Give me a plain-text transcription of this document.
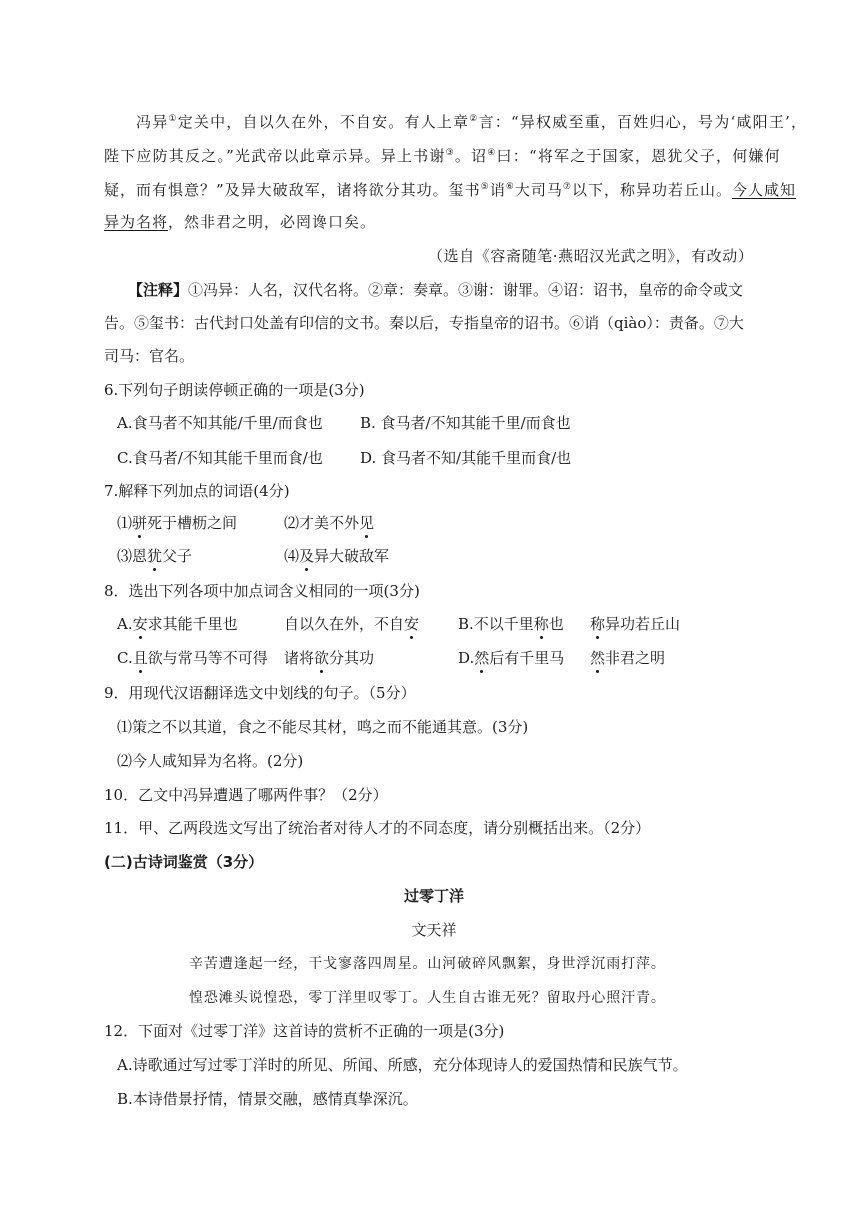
冯异①定关中，自以久在外，不自安。有人上章②言：“异权威至重，百姓归心，号为‘咸阳王’，
陛下应防其反之。”光武帝以此章示异。异上书谢③。诏④曰：“将军之于国家，恩犹父子，何嫌何
疑，而有惧意？”及异大破敌军，诸将欲分其功。玺书⑤诮⑥大司马⑦以下，称异功若丘山。今人咸知
异为名将，然非君之明，必罔谗口矣。
（选自《容斋随笔·燕昭汉光武之明》，有改动）
【注释】①冯异：人名，汉代名将。②章：奏章。③谢：谢罪。④诏：诏书，皇帝的命令或文
告。⑤玺书：古代封口处盖有印信的文书。秦以后，专指皇帝的诏书。⑥诮（qiào）：责备。⑦大
司马：官名。
6.下列句子朗读停顿正确的一项是(3分)
A.食马者不知其能/千里/而食也 B. 食马者/不知其能千里/而食也
C.食马者/不知其能千里而食/也 D. 食马者不知/其能千里而食/也
7.解释下列加点的词语(4分)
⑴骈死于槽枥之间	⑵才美不外见
⑶恩犹父子	⑷及异大破敌军
8．选出下列各项中加点词含义相同的一项(3分)
A.安求其能千里也	自以久在外，不自安	B.不以千里称也 称异功若丘山
C.且欲与常马等不可得 诸将欲分其功	D.然后有千里马 然非君之明
9．用现代汉语翻译选文中划线的句子。（5分）
⑴策之不以其道，食之不能尽其材，鸣之而不能通其意。(3分)
⑵今人咸知异为名将。(2分)
10．乙文中冯异遭遇了哪两件事？（2分）
11．甲、乙两段选文写出了统治者对待人才的不同态度，请分别概括出来。（2分）
(二)古诗词鉴赏（3分）
过零丁洋
文天祥
辛苦遭逢起一经，干戈寥落四周星。山河破碎风飘絮，身世浮沉雨打萍。
惶恐滩头说惶恐，零丁洋里叹零丁。人生自古谁无死？留取丹心照汗青。
12．下面对《过零丁洋》这首诗的赏析不正确的一项是(3分)
A.诗歌通过写过零丁洋时的所见、所闻、所感，充分体现诗人的爱国热情和民族气节。
B.本诗借景抒情，情景交融，感情真挚深沉。
